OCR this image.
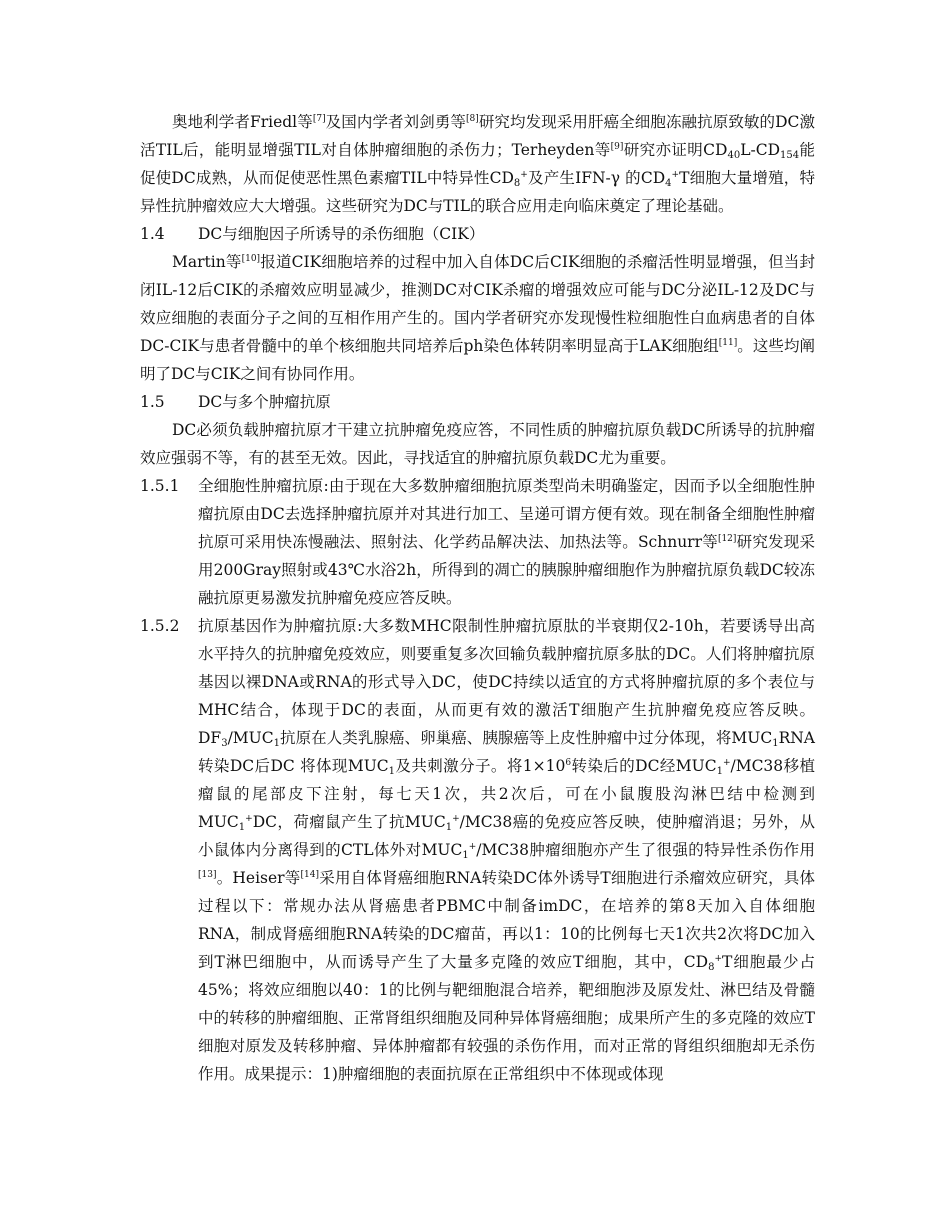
奥地利学者Friedl等[7]及国内学者刘剑勇等[8]研究均发现采用肝癌全细胞冻融抗原致敏的DC激活TIL后，能明显增强TIL对自体肿瘤细胞的杀伤力；Terheyden等[9]研究亦证明$CD_{40}L-CD_{154}$能促使DC成熟，从而促使恶性黑色素瘤TIL中特异性$CD_8^+$及产生IFN-γ 的$CD_4^+T$细胞大量增殖，特异性抗肿瘤效应大大增强。这些研究为DC与TIL的联合应用走向临床奠定了理论基础。

1.4	DC与细胞因子所诱导的杀伤细胞（CIK）

Martin等[10]报道CIK细胞培养的过程中加入自体DC后CIK细胞的杀瘤活性明显增强，但当封闭IL-12后CIK的杀瘤效应明显减少，推测DC对CIK杀瘤的增强效应可能与DC分泌IL-12及DC与效应细胞的表面分子之间的互相作用产生的。国内学者研究亦发现慢性粒细胞性白血病患者的自体DC-CIK与患者骨髓中的单个核细胞共同培养后ph染色体转阴率明显高于LAK细胞组[11]。这些均阐明了DC与CIK之间有协同作用。

1.5	DC与多个肿瘤抗原

DC必须负载肿瘤抗原才干建立抗肿瘤免疫应答，不同性质的肿瘤抗原负载DC所诱导的抗肿瘤效应强弱不等，有的甚至无效。因此，寻找适宜的肿瘤抗原负载DC尤为重要。

1.5.1	全细胞性肿瘤抗原:由于现在大多数肿瘤细胞抗原类型尚未明确鉴定，因而予以全细胞性肿瘤抗原由DC去选择肿瘤抗原并对其进行加工、呈递可谓方便有效。现在制备全细胞性肿瘤抗原可采用快冻慢融法、照射法、化学药品解决法、加热法等。Schnurr等[12]研究发现采用200Gray照射或43℃水浴2h，所得到的凋亡的胰腺肿瘤细胞作为肿瘤抗原负载DC较冻融抗原更易激发抗肿瘤免疫应答反映。
1.5.2	抗原基因作为肿瘤抗原:大多数MHC限制性肿瘤抗原肽的半衰期仅2-10h，若要诱导出高水平持久的抗肿瘤免疫效应，则要重复多次回输负载肿瘤抗原多肽的DC。人们将肿瘤抗原基因以裸DNA或RNA的形式导入DC，使DC持续以适宜的方式将肿瘤抗原的多个表位与MHC结合，体现于DC的表面，从而更有效的激活T细胞产生抗肿瘤免疫应答反映。$DF_3/MUC_1$抗原在人类乳腺癌、卵巢癌、胰腺癌等上皮性肿瘤中过分体现，将$MUC_1RNA$转染DC后DC 将体现$MUC_1$及共刺激分子。将$1\times 10^6$转染后的DC经$MUC_1^+/MC38$移植瘤鼠的尾部皮下注射，每七天1次，共2次后，可在小鼠腹股沟淋巴结中检测到$MUC_1^+DC$，荷瘤鼠产生了抗$MUC_1^+/MC38$癌的免疫应答反映，使肿瘤消退；另外，从小鼠体内分离得到的CTL体外对$MUC_1^+/MC38$肿瘤细胞亦产生了很强的特异性杀伤作用[13]。Heiser等[14]采用自体肾癌细胞RNA转染DC体外诱导T细胞进行杀瘤效应研究，具体过程以下：常规办法从肾癌患者PBMC中制备imDC，在培养的第8天加入自体细胞RNA，制成肾癌细胞RNA转染的DC瘤苗，再以1：10的比例每七天1次共2次将DC加入到T淋巴细胞中，从而诱导产生了大量多克隆的效应T细胞，其中，$CD_8^+T$细胞最少占45%；将效应细胞以40：1的比例与靶细胞混合培养，靶细胞涉及原发灶、淋巴结及骨髓中的转移的肿瘤细胞、正常肾组织细胞及同种异体肾癌细胞；成果所产生的多克隆的效应T细胞对原发及转移肿瘤、异体肿瘤都有较强的杀伤作用，而对正常的肾组织细胞却无杀伤作用。成果提示：1)肿瘤细胞的表面抗原在正常组织中不体现或体现
